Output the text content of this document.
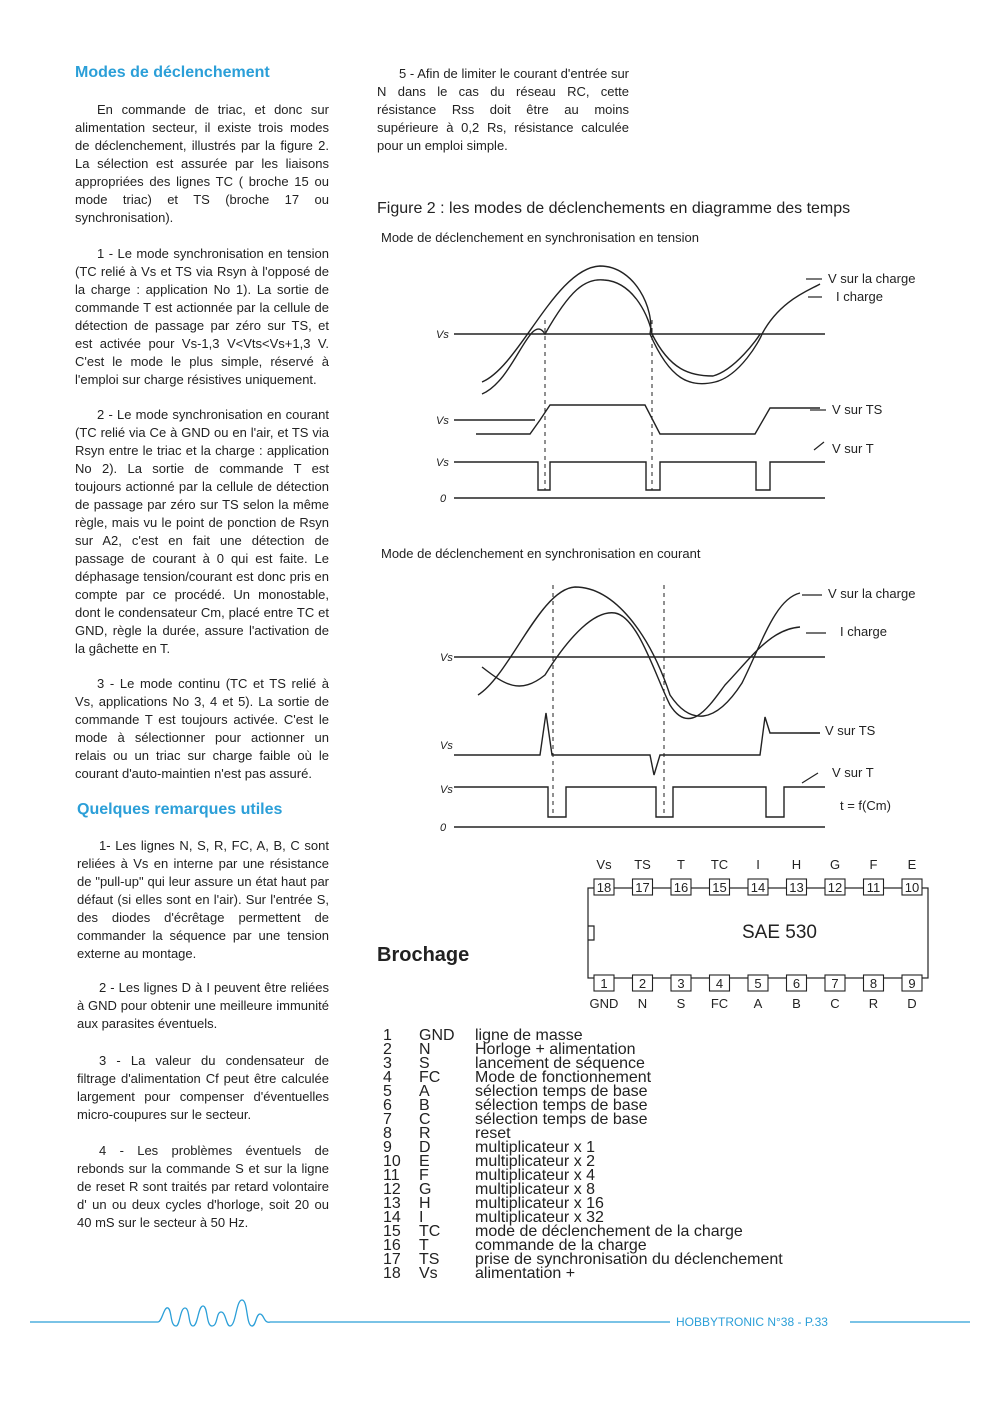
Modes de déclenchement

En commande de triac, et donc sur alimentation secteur, il existe trois modes de déclenchement, illustrés par la figure 2. La sélection est assurée par les liaisons appropriées des lignes TC ( broche 15 ou mode triac) et TS (broche 17 ou synchronisation).

1 - Le mode synchronisation en tension (TC relié à Vs et TS via Rsyn à l'opposé de la charge : application No 1). La sortie de commande T est actionnée par la cellule de détection de passage par zéro sur TS, et est activée pour Vs-1,3 V<Vts<Vs+1,3 V. C'est le mode le plus simple, réservé à l'emploi sur charge résistives uniquement.

2 - Le mode synchronisation en courant (TC relié via Ce à GND ou en l'air, et TS via Rsyn entre le triac et la charge : application No 2). La sortie de commande T est toujours actionné par la cellule de détection de passage par zéro sur TS selon la même règle, mais vu le point de ponction de Rsyn sur A2, c'est en fait une détection de passage de courant à 0 qui est faite. Le déphasage tension/courant est donc pris en compte par ce procédé. Un monostable, dont le condensateur Cm, placé entre TC et GND, règle la durée, assure l'activation de la gâchette en T.

3 - Le mode continu (TC et TS relié à Vs, applications No 3, 4 et 5). La sortie de commande T est toujours activée. C'est le mode à sélectionner pour actionner un relais ou un triac sur charge faible où le courant d'auto-maintien n'est pas assuré.

Quelques remarques utiles

1- Les lignes N, S, R, FC, A, B, C sont reliées à Vs en interne par une résistance de "pull-up" qui leur assure un état haut par défaut (si elles sont en l'air). Sur l'entrée S, des diodes d'écrêtage permettent de commander la séquence par une tension externe au montage.

2 - Les lignes D à I peuvent être reliées à GND pour obtenir une meilleure immunité aux parasites éventuels.

3 - La valeur du condensateur de filtrage d'alimentation Cf peut être calculée largement pour compenser d'éventuelles micro-coupures sur le secteur.

4 - Les problèmes éventuels de rebonds sur la commande S et sur la ligne de reset R sont traités par retard volontaire d' un ou deux cycles d'horloge, soit 20 ou 40 mS sur le secteur à 50 Hz.

5 - Afin de limiter le courant d'entrée sur N dans le cas du réseau RC, cette résistance Rss doit être au moins supérieure à 0,2 Rs, résistance calculée pour un emploi simple.

Figure 2 : les modes de déclenchements en diagramme des temps
Mode de déclenchement en synchronisation en tension
Vs
Vs
Vs
0
V sur la charge
I charge
V sur TS
V sur T
Mode de déclenchement en synchronisation en courant
Vs
Vs
Vs
0
V sur la charge
I charge
V sur TS
V sur T
t = f(Cm)
Brochage
SAE 530
18
Vs
1
GND
17
TS
2
N
16
T
3
S
15
TC
4
FC
14
I
5
A
13
H
6
B
12
G
7
C
11
F
8
R
10
E
9
D
1	GND	ligne de masse
2	N	Horloge + alimentation
3	S	lancement de séquence
4	FC	Mode de fonctionnement
5	A	sélection temps de base
6	B	sélection temps de base
7	C	sélection temps de base
8	R	reset
9	D	multiplicateur x 1
10	E	multiplicateur x 2
11	F	multiplicateur x 4
12	G	multiplicateur x 8
13	H	multiplicateur x 16
14	I	multiplicateur x 32
15	TC	mode de déclenchement de la charge
16	T	commande de la charge
17	TS	prise de synchronisation du déclenchement
18	Vs	alimentation +
HOBBYTRONIC N°38 - P.33
